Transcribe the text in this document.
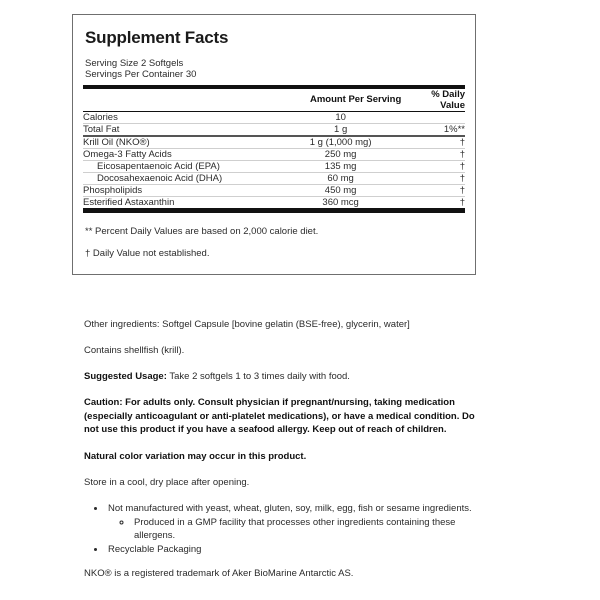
Supplement Facts
Serving Size 2 Softgels
Servings Per Container 30
	Amount Per Serving	% Daily Value
Calories	10	
Total Fat	1 g	1%**
Krill Oil (NKO®)	1 g (1,000 mg)	†
Omega-3 Fatty Acids	250 mg	†
Eicosapentaenoic Acid (EPA)	135 mg	†
Docosahexaenoic Acid (DHA)	60 mg	†
Phospholipids	450 mg	†
Esterified Astaxanthin	360 mcg	†

** Percent Daily Values are based on 2,000 calorie diet.

† Daily Value not established.

Other ingredients: Softgel Capsule [bovine gelatin (BSE-free), glycerin, water]

Contains shellfish (krill).

Suggested Usage: Take 2 softgels 1 to 3 times daily with food.

Caution: For adults only. Consult physician if pregnant/nursing, taking medication (especially anticoagulant or anti-platelet medications), or have a medical condition. Do not use this product if you have a seafood allergy. Keep out of reach of children.

Natural color variation may occur in this product.

Store in a cool, dry place after opening.

• Not manufactured with yeast, wheat, gluten, soy, milk, egg, fish or sesame ingredients.
◦ Produced in a GMP facility that processes other ingredients containing these allergens.
• Recyclable Packaging

NKO® is a registered trademark of Aker BioMarine Antarctic AS.
